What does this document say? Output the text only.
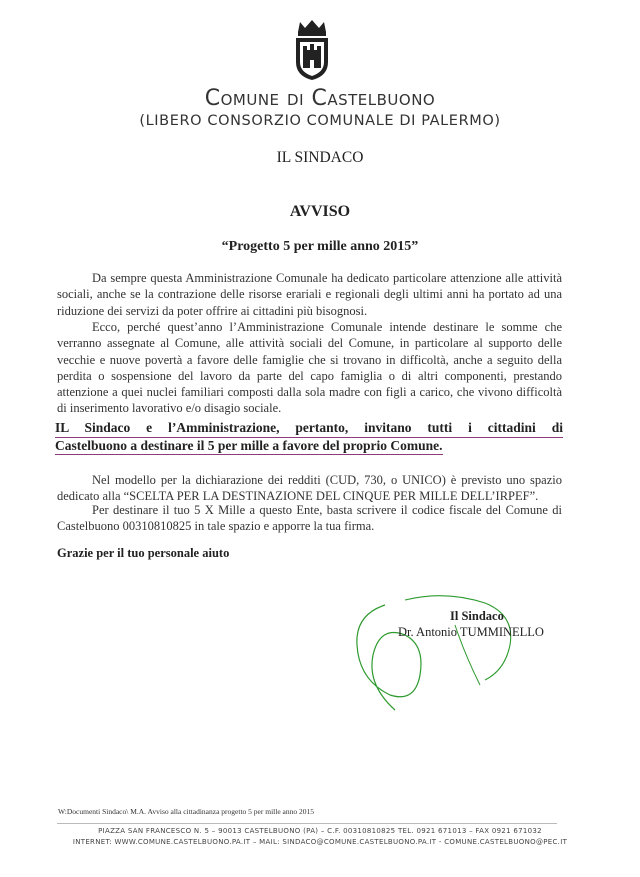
Comune di Castelbuono
(LIBERO CONSORZIO COMUNALE DI PALERMO)
IL SINDACO
AVVISO
“Progetto 5 per mille anno 2015”

Da sempre questa Amministrazione Comunale ha dedicato particolare attenzione alle attività sociali, anche se la contrazione delle risorse erariali e regionali degli ultimi anni ha portato ad una riduzione dei servizi da poter offrire ai cittadini più bisognosi.

Ecco, perché quest’anno l’Amministrazione Comunale intende destinare le somme che verranno assegnate al Comune, alle attività sociali del Comune, in particolare al supporto delle vecchie e nuove povertà a favore delle famiglie che si trovano in difficoltà, anche a seguito della perdita o sospensione del lavoro da parte del capo famiglia o di altri componenti, prestando attenzione a quei nuclei familiari composti dalla sola madre con figli a carico, che vivono difficoltà di inserimento lavorativo e/o disagio sociale.

IL Sindaco e l’Amministrazione, pertanto, invitano tutti i cittadini di
Castelbuono a destinare il 5 per mille a favore del proprio Comune.

Nel modello per la dichiarazione dei redditi (CUD, 730, o UNICO) è previsto uno spazio dedicato alla “SCELTA PER LA DESTINAZIONE DEL CINQUE PER MILLE DELL’IRPEF”.

Per destinare il tuo 5 X Mille a questo Ente, basta scrivere il codice fiscale del Comune di Castelbuono 00310810825 in tale spazio e apporre la tua firma.

Grazie per il tuo personale aiuto
Il Sindaco
Dr. Antonio TUMMINELLO
W:Documenti Sindaco\ M.A. Avviso alla cittadinanza progetto 5 per mille anno 2015
PIAZZA SAN FRANCESCO N. 5 – 90013 CASTELBUONO (PA) – C.F. 00310810825 TEL. 0921 671013 – FAX 0921 671032
INTERNET: WWW.COMUNE.CASTELBUONO.PA.IT – MAIL: SINDACO@COMUNE.CASTELBUONO.PA.IT - COMUNE.CASTELBUONO@PEC.IT
